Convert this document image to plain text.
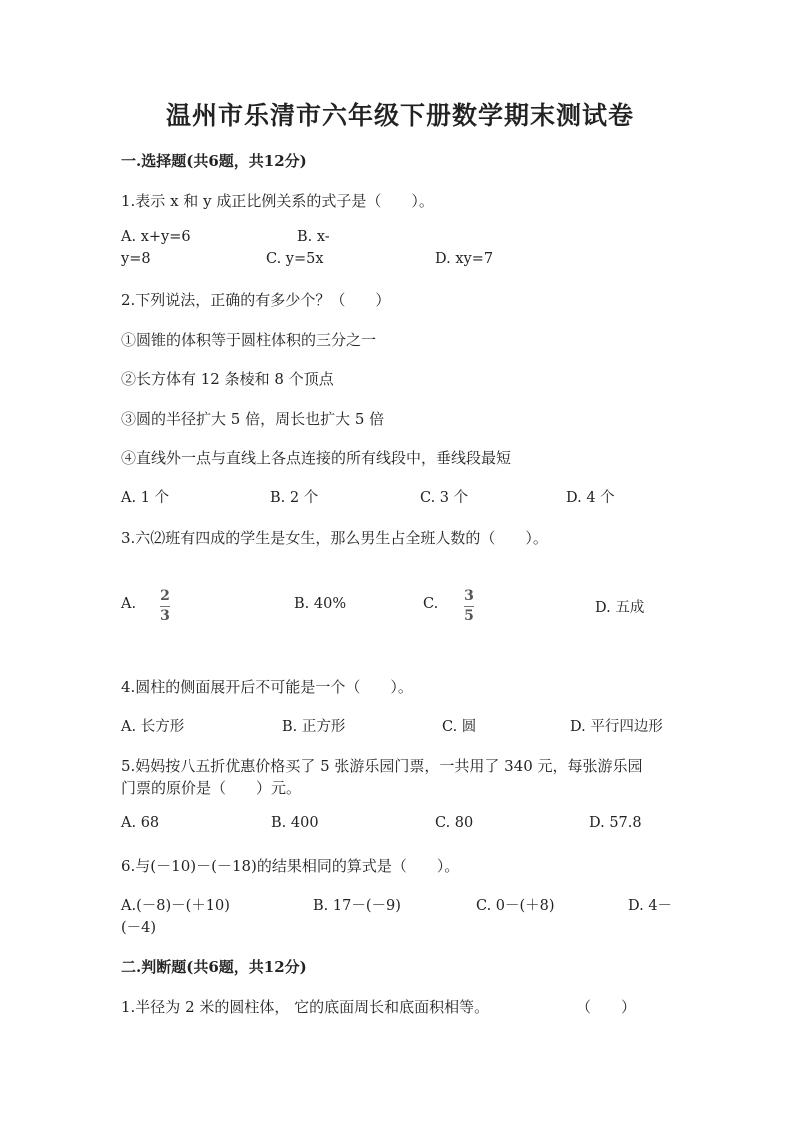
温州市乐清市六年级下册数学期末测试卷
一.选择题(共6题，共12分)
1.表示 x 和 y 成正比例关系的式子是（　　）。
A. x+y=6	B. x-
y=8	C. y=5x	D. xy=7
2.下列说法，正确的有多少个？（　　）
①圆锥的体积等于圆柱体积的三分之一
②长方体有 12 条棱和 8 个顶点
③圆的半径扩大 5 倍，周长也扩大 5 倍
④直线外一点与直线上各点连接的所有线段中，垂线段最短
A. 1 个	B. 2 个	C. 3 个	D. 4 个
3.六⑵班有四成的学生是女生，那么男生占全班人数的（　　）。
A. 2
3
B. 40%	C. 3
5	D. 五成
4.圆柱的侧面展开后不可能是一个（　　）。
A. 长方形	B. 正方形	C. 圆	D. 平行四边形
5.妈妈按八五折优惠价格买了 5 张游乐园门票，一共用了 340 元，每张游乐园
门票的原价是（　　）元。
A. 68	B. 400	C. 80	D. 57.8
6.与(－10)－(－18)的结果相同的算式是（　　）。
A.(－8)－(＋10)	B. 17－(－9)	C. 0－(＋8)	D. 4－
(－4)
二.判断题(共6题，共12分)
1.半径为 2 米的圆柱体， 它的底面周长和底面积相等。	（　　）
